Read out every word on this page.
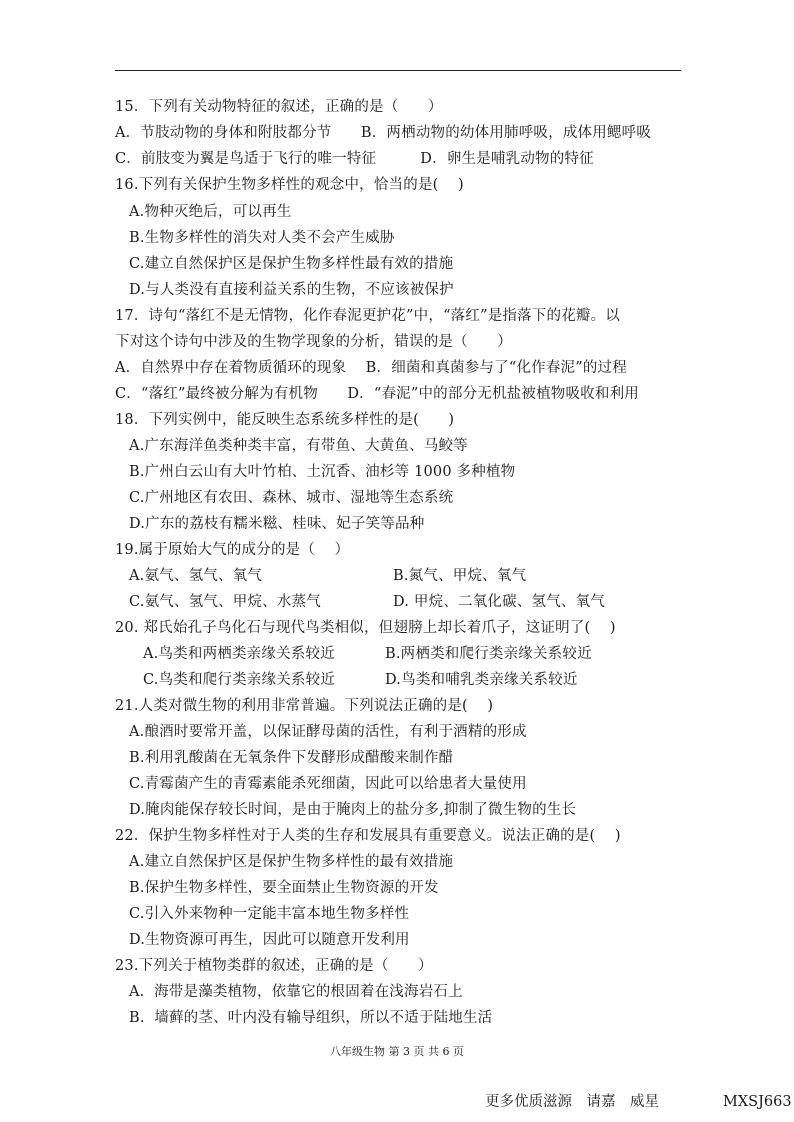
15．下列有关动物特征的叙述，正确的是（　　）
A．节肢动物的身体和附肢都分节　　B．两栖动物的幼体用肺呼吸，成体用鳃呼吸
C．前肢变为翼是鸟适于飞行的唯一特征　　　D．卵生是哺乳动物的特征
16.下列有关保护生物多样性的观念中，恰当的是(　 )
A.物种灭绝后，可以再生
B.生物多样性的消失对人类不会产生威胁
C.建立自然保护区是保护生物多样性最有效的措施
D.与人类没有直接利益关系的生物，不应该被保护
17．诗句“落红不是无情物，化作春泥更护花”中，“落红”是指落下的花瓣。以
下对这个诗句中涉及的生物学现象的分析，错误的是（　　）
A．自然界中存在着物质循环的现象　 B．细菌和真菌参与了“化作春泥”的过程
C．“落红”最终被分解为有机物　　D．“春泥”中的部分无机盐被植物吸收和利用
18．下列实例中，能反映生态系统多样性的是(　　)
A.广东海洋鱼类种类丰富，有带鱼、大黄鱼、马鲛等
B.广州白云山有大叶竹柏、土沉香、油杉等 1000 多种植物
C.广州地区有农田、森林、城市、湿地等生态系统
D.广东的荔枝有糯米糍、桂味、妃子笑等品种
19.属于原始大气的成分的是（　 ）
A.氨气、氢气、氧气	B.氮气、甲烷、氧气
C.氨气、氢气、甲烷、水蒸气	D. 甲烷、二氧化碳、氢气、氧气
20. 郑氏始孔子鸟化石与现代鸟类相似，但翅膀上却长着爪子，这证明了(　 )
A.鸟类和两栖类亲缘关系较近	B.两栖类和爬行类亲缘关系较近
C.鸟类和爬行类亲缘关系较近	D.鸟类和哺乳类亲缘关系较近
21.人类对微生物的利用非常普遍。下列说法正确的是(　 )
A.酿酒时要常开盖，以保证酵母菌的活性，有利于酒精的形成
B.利用乳酸菌在无氧条件下发酵形成醋酸来制作醋
C.青霉菌产生的青霉素能杀死细菌，因此可以给患者大量使用
D.腌肉能保存较长时间，是由于腌肉上的盐分多,抑制了微生物的生长
22．保护生物多样性对于人类的生存和发展具有重要意义。说法正确的是(　 )
A.建立自然保护区是保护生物多样性的最有效措施
B.保护生物多样性，要全面禁止生物资源的开发
C.引入外来物种一定能丰富本地生物多样性
D.生物资源可再生，因此可以随意开发利用
23.下列关于植物类群的叙述，正确的是（　　）
A.  海带是藻类植物，依靠它的根固着在浅海岩石上
B.  墙藓的茎、叶内没有输导组织，所以不适于陆地生活
八年级生物 第 3 页 共 6 页
更多优质滋源　请嘉　威星	MXSJ663
